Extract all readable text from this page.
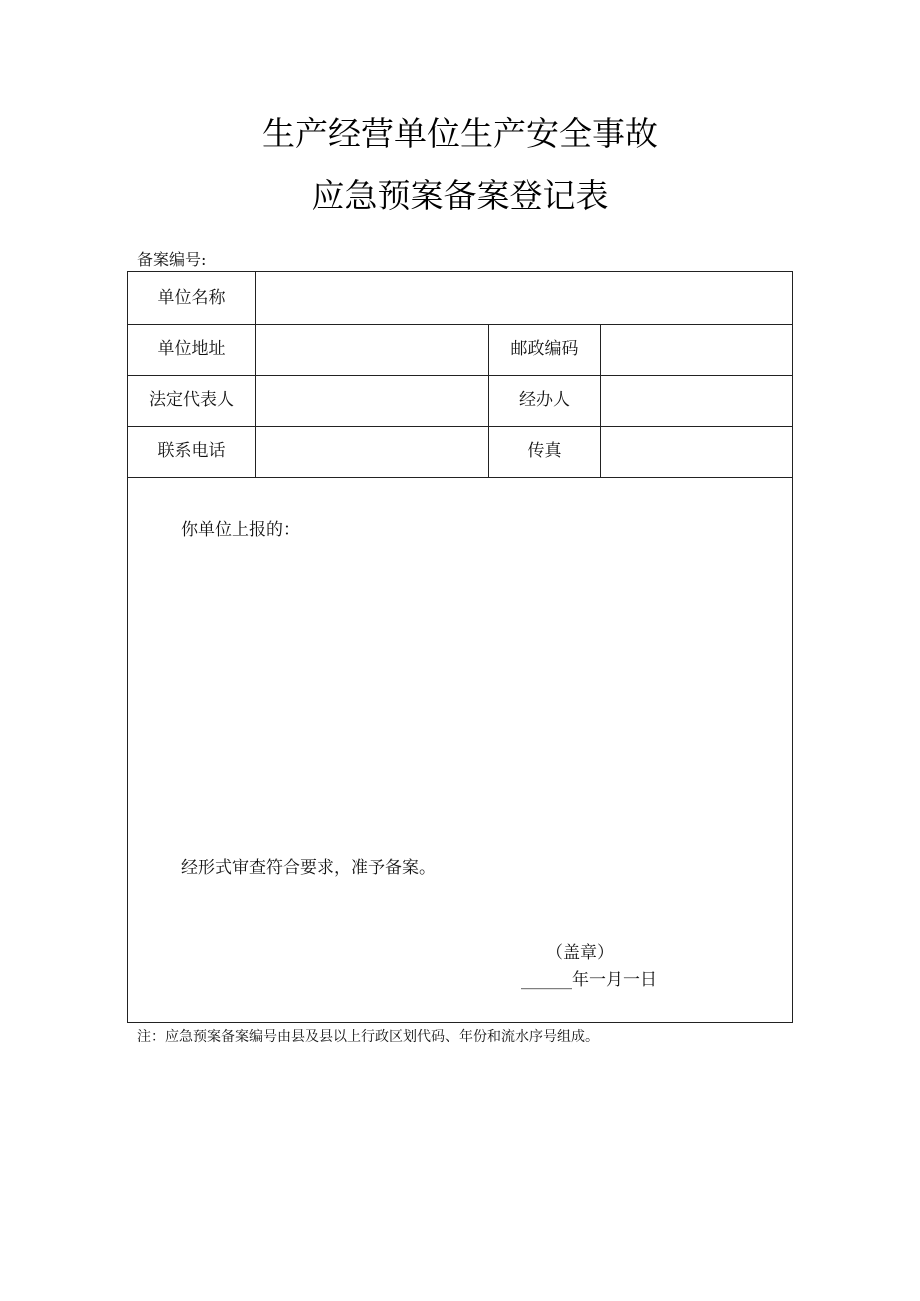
生产经营单位生产安全事故
应急预案备案登记表
备案编号:
单位名称
单位地址	邮政编码
法定代表人	经办人
联系电话	传真
你单位上报的：
经形式审查符合要求，准予备案。
（盖章）
______年一月一日
注：应急预案备案编号由县及县以上行政区划代码、年份和流水序号组成。
